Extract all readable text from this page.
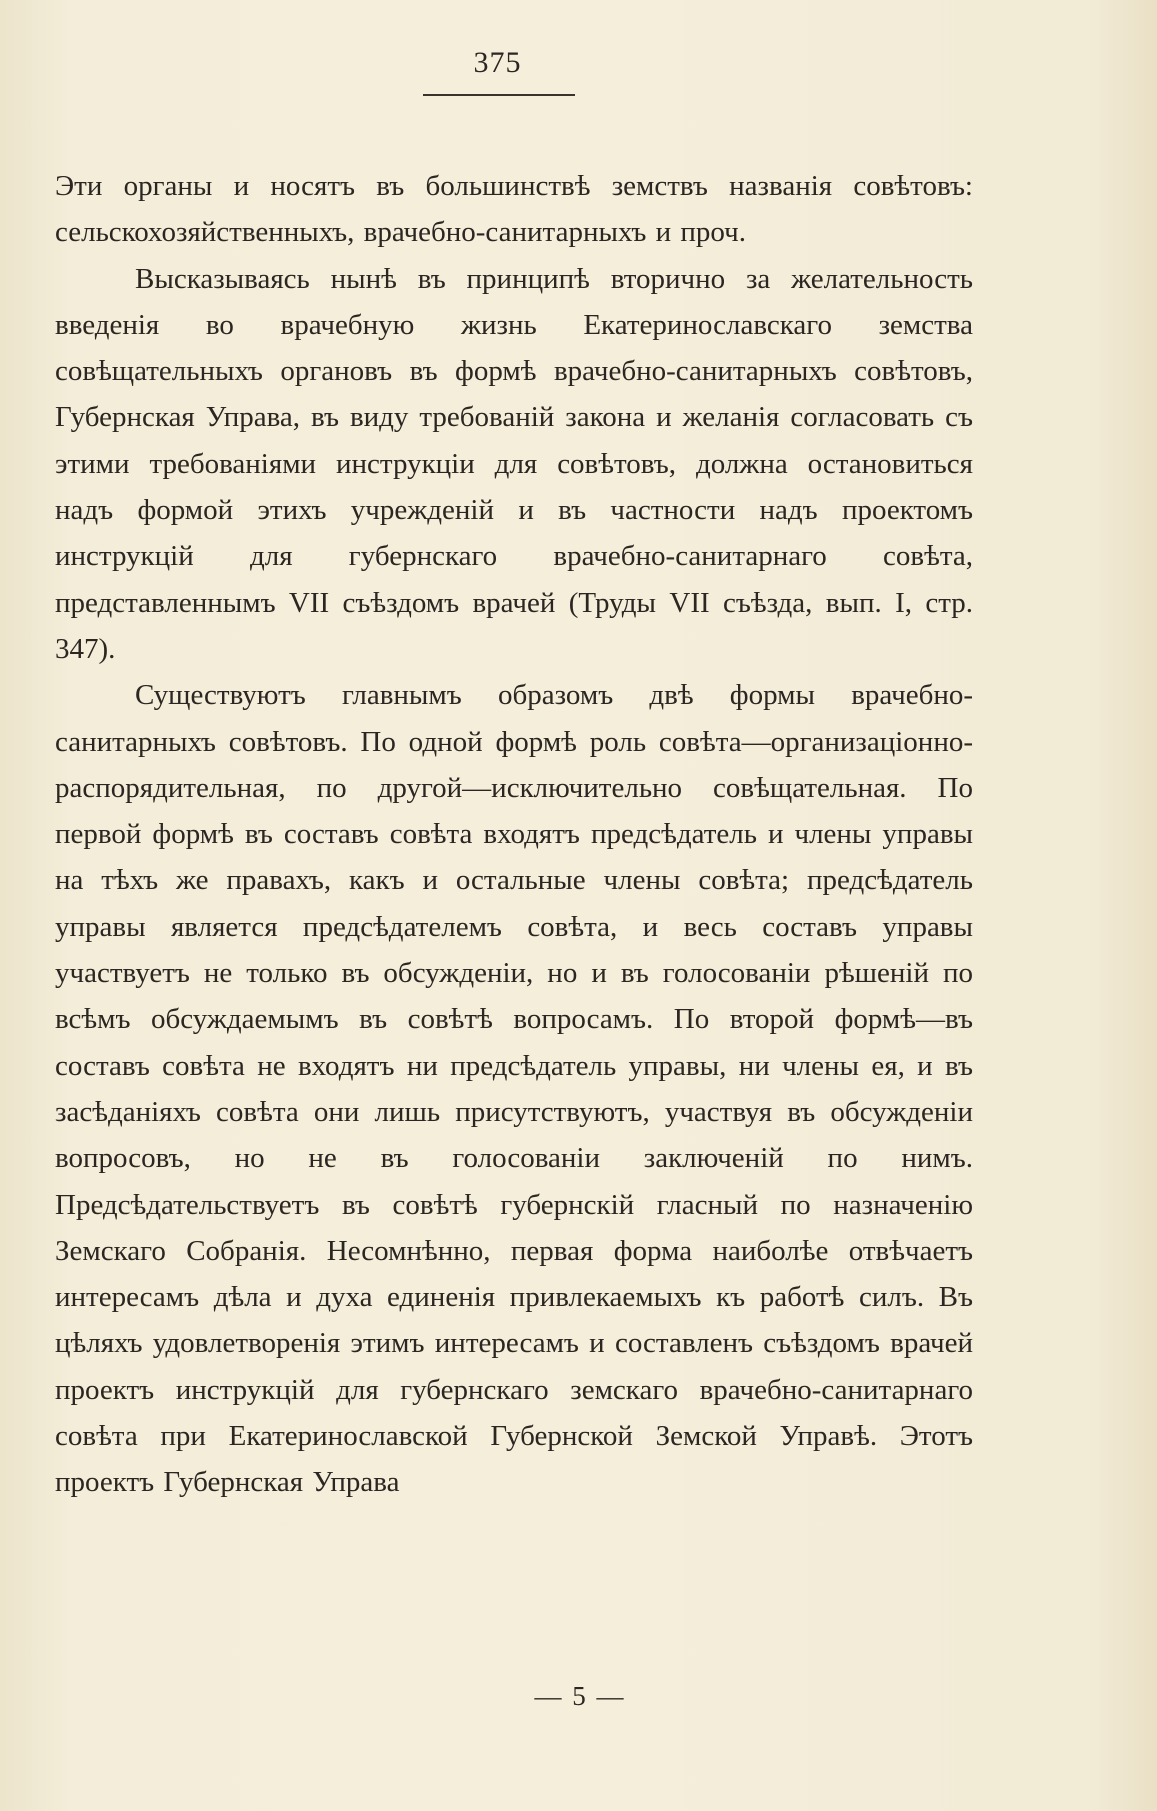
375

Эти органы и носятъ въ большинствѣ земствъ названія совѣтовъ: сельскохозяйственныхъ, врачебно-санитарныхъ и проч.

Высказываясь нынѣ въ принципѣ вторично за желательность введенія во врачебную жизнь Екатеринославскаго земства совѣщательныхъ органовъ въ формѣ врачебно-санитарныхъ совѣтовъ, Губернская Управа, въ виду требованій закона и желанія согласовать съ этими требованіями инструкціи для совѣтовъ, должна остановиться надъ формой этихъ учрежденій и въ частности надъ проектомъ инструкцій для губернскаго врачебно-санитарнаго совѣта, представленнымъ VII съѣздомъ врачей (Труды VII съѣзда, вып. I, стр. 347).

Существуютъ главнымъ образомъ двѣ формы врачебно-санитарныхъ совѣтовъ. По одной формѣ роль совѣта—организаціонно-распорядительная, по другой—исключительно совѣщательная. По первой формѣ въ составъ совѣта входятъ предсѣдатель и члены управы на тѣхъ же правахъ, какъ и остальные члены совѣта; предсѣдатель управы является предсѣдателемъ совѣта, и весь составъ управы участвуетъ не только въ обсужденіи, но и въ голосованіи рѣшеній по всѣмъ обсуждаемымъ въ совѣтѣ вопросамъ. По второй формѣ—въ составъ совѣта не входятъ ни предсѣдатель управы, ни члены ея, и въ засѣданіяхъ совѣта они лишь присутствуютъ, участвуя въ обсужденіи вопросовъ, но не въ голосованіи заключеній по нимъ. Предсѣдательствуетъ въ совѣтѣ губернскій гласный по назначенію Земскаго Собранія. Несомнѣнно, первая форма наиболѣе отвѣчаетъ интересамъ дѣла и духа единенія привлекаемыхъ къ работѣ силъ. Въ цѣляхъ удовлетворенія этимъ интересамъ и составленъ съѣздомъ врачей проектъ инструкцій для губернскаго земскаго врачебно-санитарнаго совѣта при Екатеринославской Губернской Земской Управѣ. Этотъ проектъ Губернская Управа

— 5 —
